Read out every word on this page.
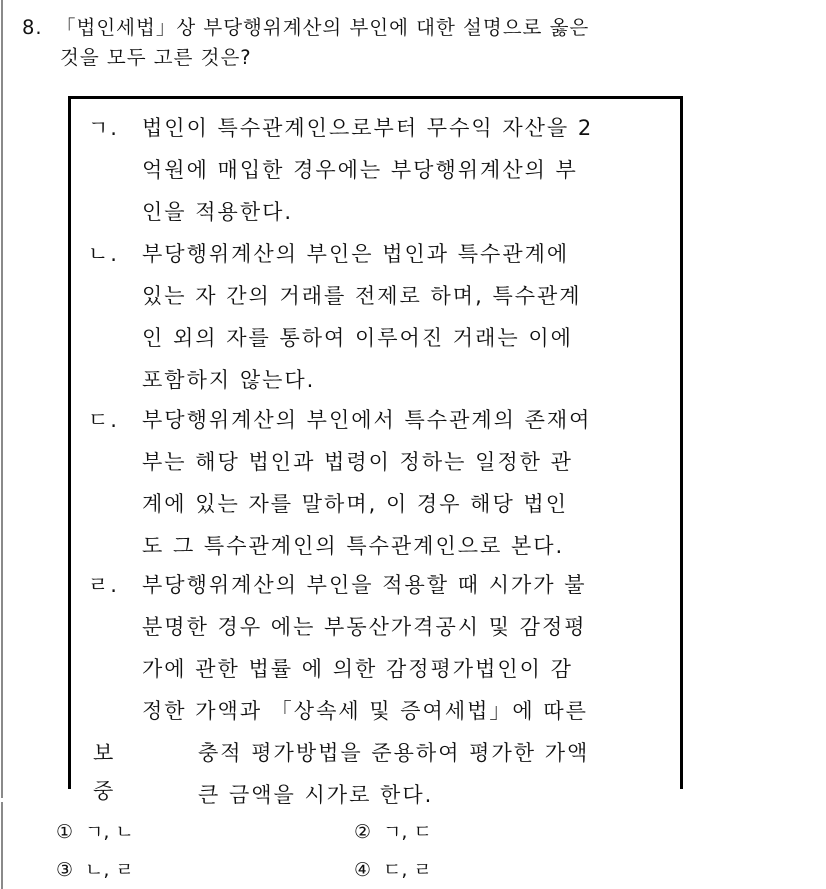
8. 「법인세법」상 부당행위계산의 부인에 대한 설명으로 옳은
것을 모두 고른 것은?
ㄱ. 법인이 특수관계인으로부터 무수익 자산을 2
억원에 매입한 경우에는 부당행위계산의 부
인을 적용한다.
ㄴ. 부당행위계산의 부인은 법인과 특수관계에
있는 자 간의 거래를 전제로 하며, 특수관계
인 외의 자를 통하여 이루어진 거래는 이에
포함하지 않는다.
ㄷ. 부당행위계산의 부인에서 특수관계의 존재여
부는 해당 법인과 법령이 정하는 일정한 관
계에 있는 자를 말하며, 이 경우 해당 법인
도 그 특수관계인의 특수관계인으로 본다.
ㄹ. 부당행위계산의 부인을 적용할 때 시가가 불
분명한 경우 에는 부동산가격공시 및 감정평
가에 관한 법률 에 의한 감정평가법인이 감
정한 가액과 「상속세 및 증여세법」에 따른
충적 평가방법을 준용하여 평가한 가액
큰 금액을 시가로 한다.
보
중
① ㄱ, ㄴ	② ㄱ, ㄷ
③ ㄴ, ㄹ	④ ㄷ, ㄹ
